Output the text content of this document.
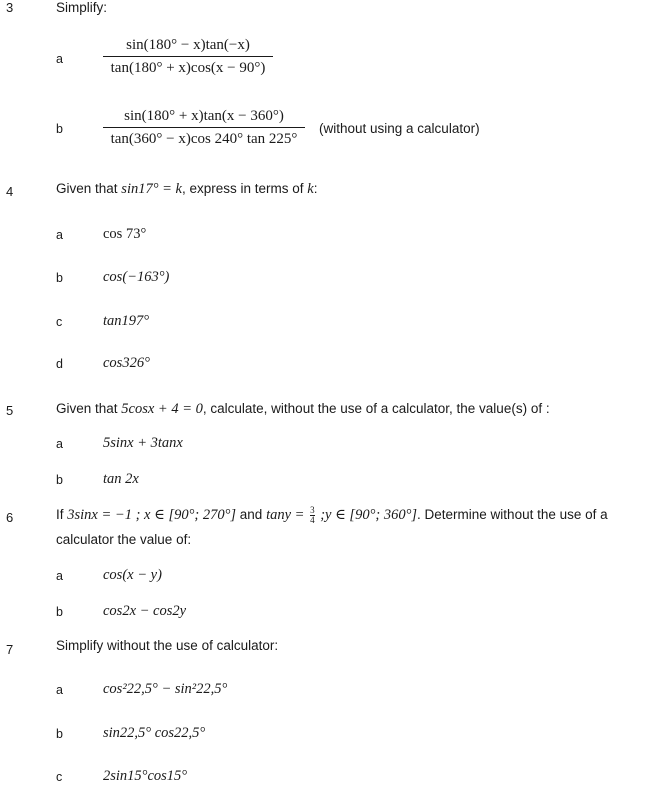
3	Simplify:
a
sin(180° − x)tan(−x)
tan(180° + x)cos(x − 90°)
b
sin(180° + x)tan(x − 360°)
tan(360° − x)cos 240° tan 225°
(without using a calculator)
4	Given that sin17° = k, express in terms of k:
a	cos 73°
b	cos(−163°)
c	tan197°
d	cos326°
5	Given that 5cosx + 4 = 0, calculate, without the use of a calculator, the value(s) of :
a	5sinx + 3tanx
b	tan 2x
6	If 3sinx = −1 ; x ∈ [90°; 270°] and $\tan y = \frac{3}{4}$ ;y ∈ [90°; 360°]. Determine without the use of a
calculator the value of:
a	cos(x − y)
b	cos2x − cos2y
7	Simplify without the use of calculator:
a	cos²22,5° − sin²22,5°
b	sin22,5° cos22,5°
c	2sin15°cos15°
